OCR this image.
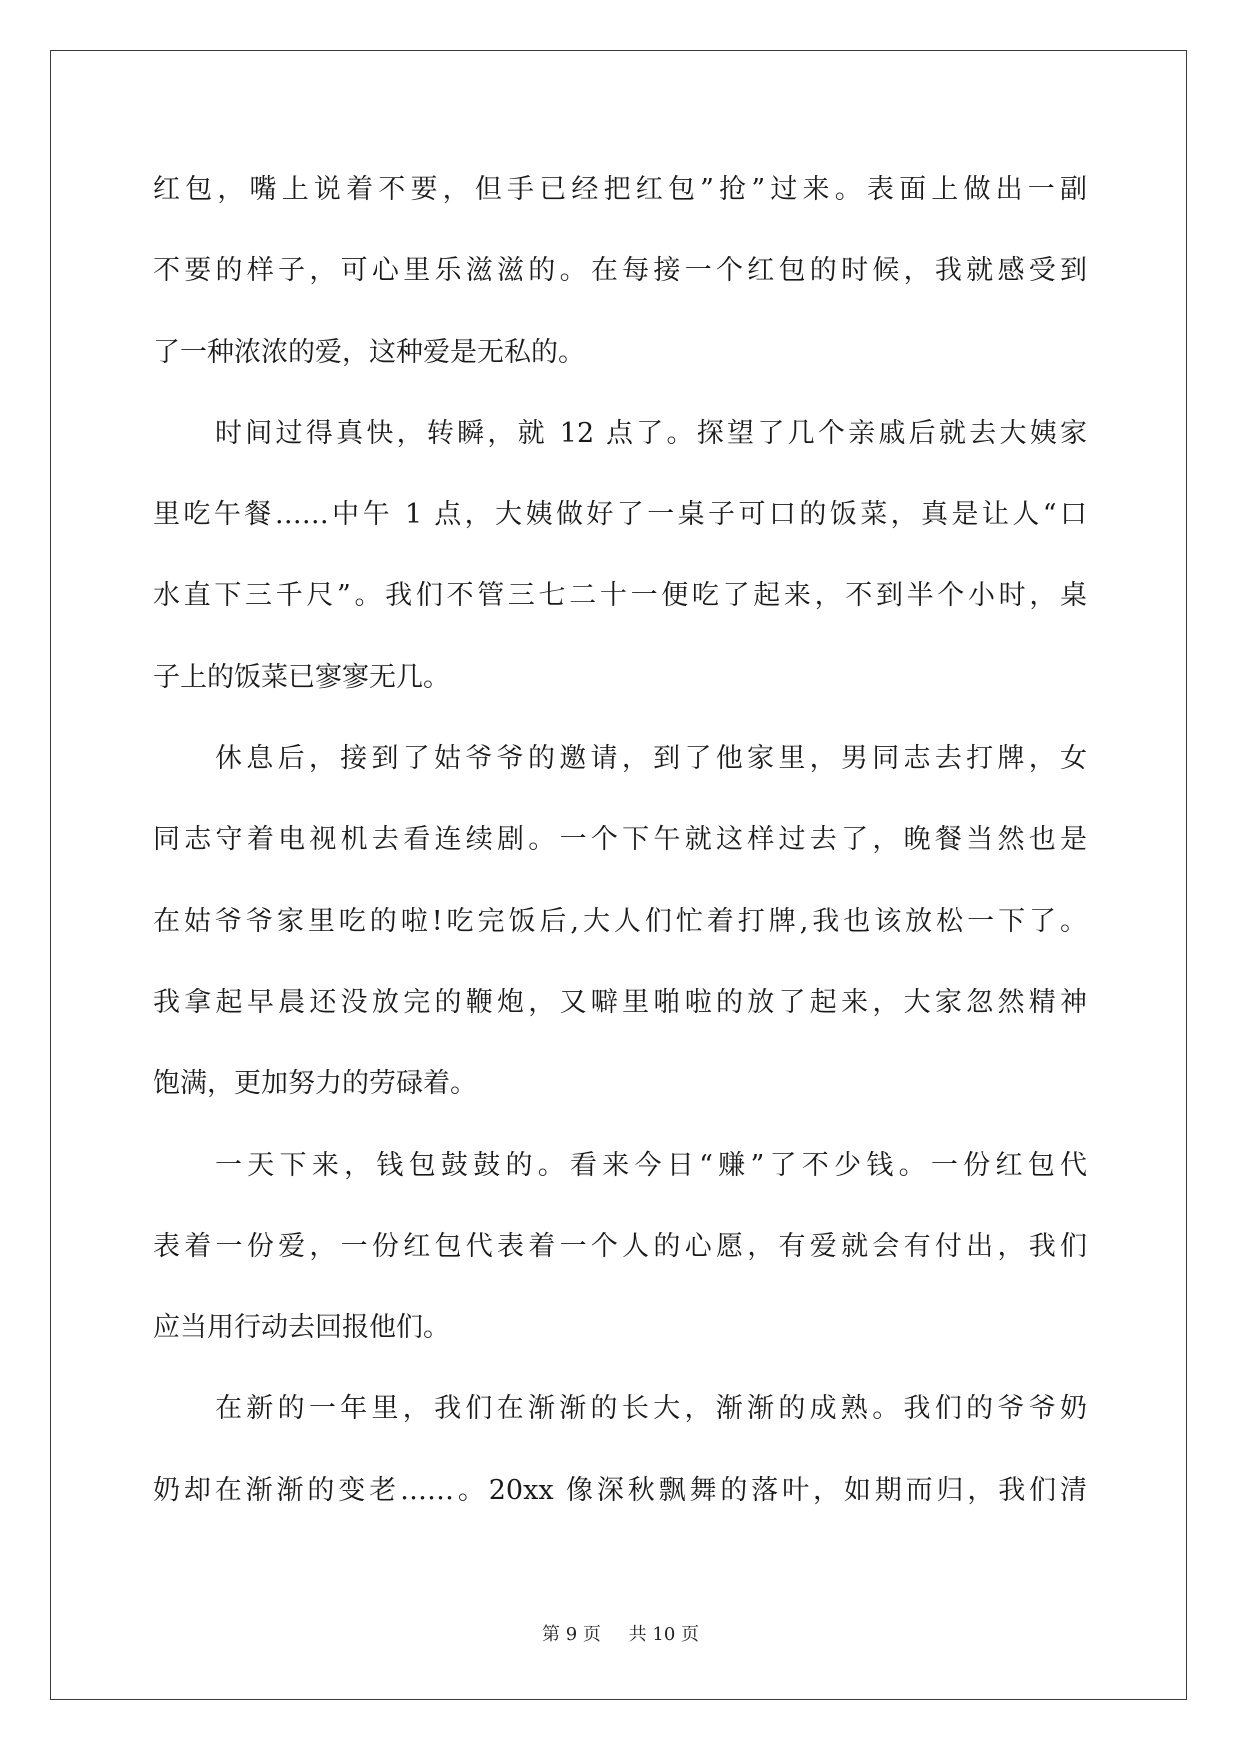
红包，嘴上说着不要，但手已经把红包”抢”过来。表面上做出一副
不要的样子，可心里乐滋滋的。在每接一个红包的时候，我就感受到
了一种浓浓的爱，这种爱是无私的。
时间过得真快，转瞬，就 12 点了。探望了几个亲戚后就去大姨家
里吃午餐……中午 1 点，大姨做好了一桌子可口的饭菜，真是让人“口
水直下三千尺”。我们不管三七二十一便吃了起来，不到半个小时，桌
子上的饭菜已寥寥无几。
休息后，接到了姑爷爷的邀请，到了他家里，男同志去打牌，女
同志守着电视机去看连续剧。一个下午就这样过去了，晚餐当然也是
在姑爷爷家里吃的啦!吃完饭后,大人们忙着打牌,我也该放松一下了。
我拿起早晨还没放完的鞭炮，又噼里啪啦的放了起来，大家忽然精神
饱满，更加努力的劳碌着。
一天下来，钱包鼓鼓的。看来今日“赚”了不少钱。一份红包代
表着一份爱，一份红包代表着一个人的心愿，有爱就会有付出，我们
应当用行动去回报他们。
在新的一年里，我们在渐渐的长大，渐渐的成熟。我们的爷爷奶
奶却在渐渐的变老……。20xx 像深秋飘舞的落叶，如期而归，我们清
第 9 页 共 10 页
